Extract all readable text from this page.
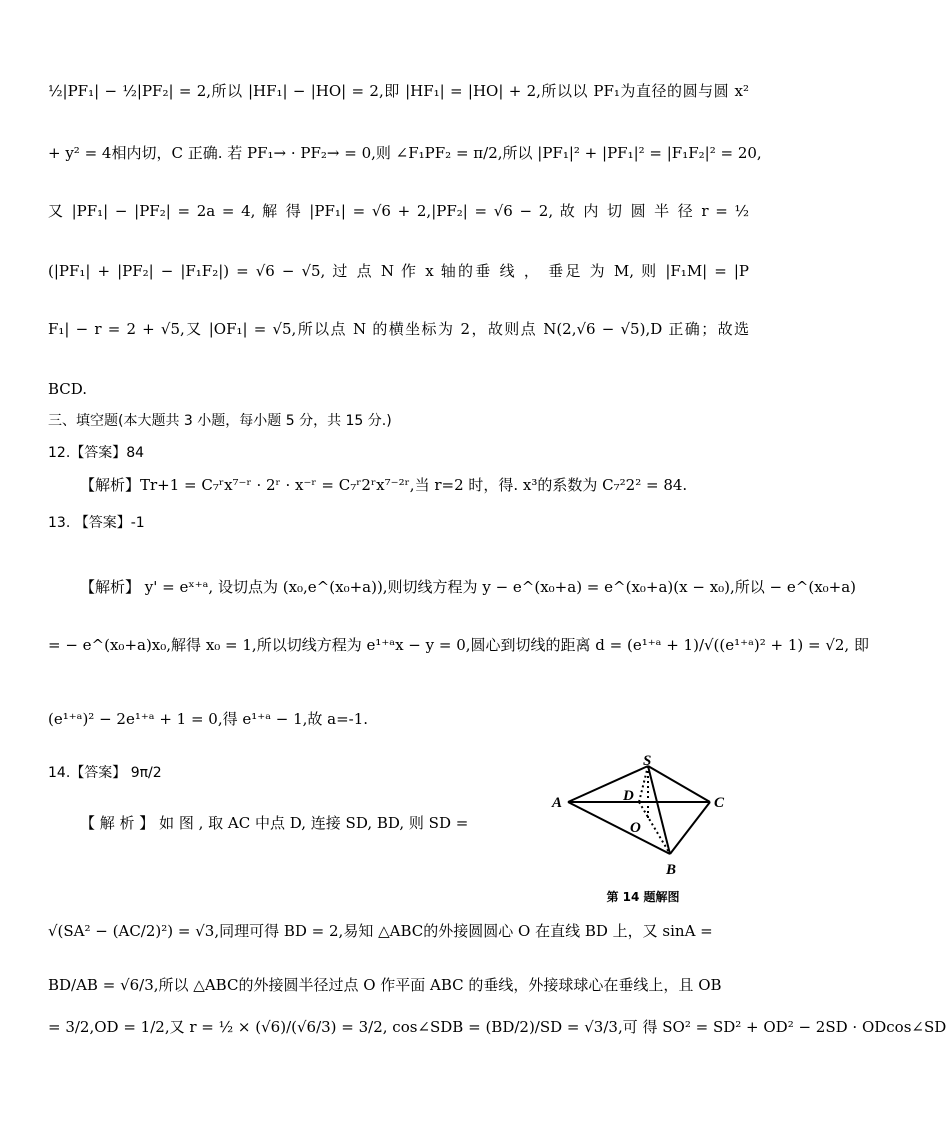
½|PF₁| − ½|PF₂| = 2,所以 |HF₁| − |HO| = 2,即 |HF₁| = |HO| + 2,所以以 PF₁为直径的圆与圆 x²
+ y² = 4相内切，C 正确. 若 PF₁→ · PF₂→ = 0,则 ∠F₁PF₂ = π/2,所以 |PF₁|² + |PF₁|² = |F₁F₂|² = 20,
又 |PF₁| − |PF₂| = 2a = 4, 解 得 |PF₁| = √6 + 2,|PF₂| = √6 − 2, 故 内 切 圆 半 径 r = ½
(|PF₁| + |PF₂| − |F₁F₂|) = √6 − √5, 过 点 N 作 x 轴的垂 线 ， 垂足 为 M, 则 |F₁M| = |P
F₁| − r = 2 + √5,又 |OF₁| = √5,所以点 N 的横坐标为 2，故则点 N(2,√6 − √5),D 正确；故选
BCD.
三、填空题(本大题共 3 小题，每小题 5 分，共 15 分.)
12.【答案】84
【解析】Tr+1 = C₇ʳx⁷⁻ʳ · 2ʳ · x⁻ʳ = C₇ʳ2ʳx⁷⁻²ʳ,当 r=2 时，得. x³的系数为 C₇²2² = 84.
13. 【答案】-1
【解析】 y' = eˣ⁺ᵃ, 设切点为 (x₀,e^(x₀+a)),则切线方程为 y − e^(x₀+a) = e^(x₀+a)(x − x₀),所以 − e^(x₀+a)
= − e^(x₀+a)x₀,解得 x₀ = 1,所以切线方程为 e¹⁺ᵃx − y = 0,圆心到切线的距离 d = (e¹⁺ᵃ + 1)/√((e¹⁺ᵃ)² + 1) = √2, 即
(e¹⁺ᵃ)² − 2e¹⁺ᵃ + 1 = 0,得 e¹⁺ᵃ − 1,故 a=-1.
14.【答案】 9π/2
【 解 析 】 如 图 , 取 AC 中点 D, 连接 SD, BD, 则 SD =
√(SA² − (AC/2)²) = √3,同理可得 BD = 2,易知 △ABC的外接圆圆心 O 在直线 BD 上，又 sinA =
BD/AB = √6/3,所以 △ABC的外接圆半径过点 O 作平面 ABC 的垂线，外接球球心在垂线上，且 OB
= 3/2,OD = 1/2,又 r = ½ × (√6)/(√6/3) = 3/2, cos∠SDB = (BD/2)/SD = √3/3,可 得 SO² = SD² + OD² − 2SD · ODcos∠SD
S
A	C
D
O
B
第 14 题解图
